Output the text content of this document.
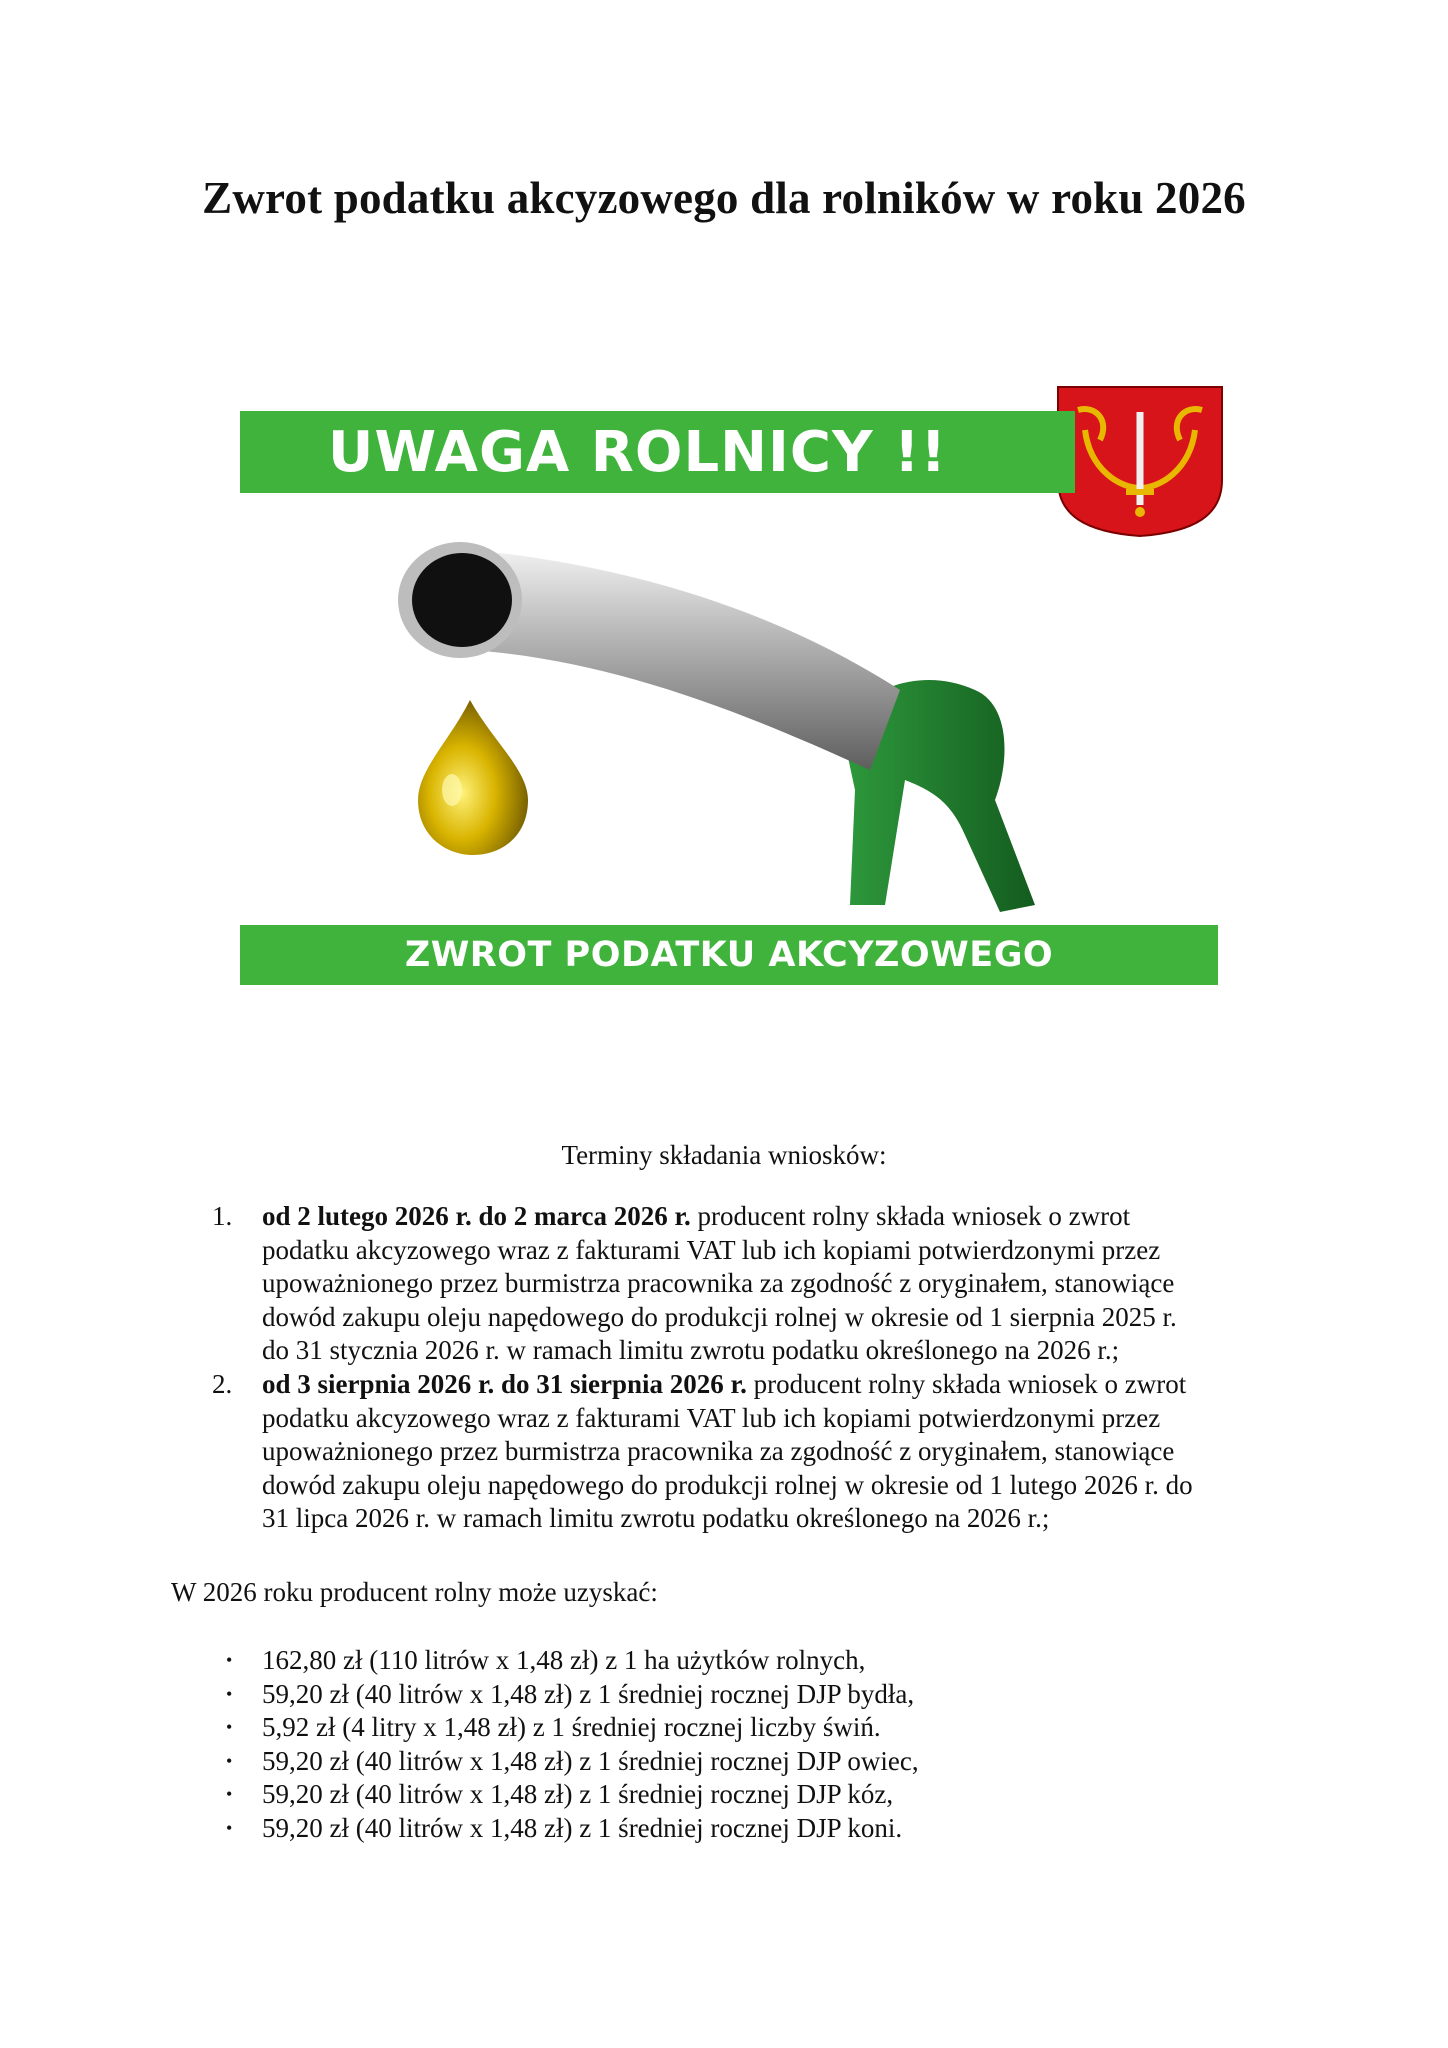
Zwrot podatku akcyzowego dla rolników w roku 2026
UWAGA ROLNICY !!
ZWROT PODATKU AKCYZOWEGO

Terminy składania wniosków:

1. od 2 lutego 2026 r. do 2 marca 2026 r. producent rolny składa wniosek o zwrot
podatku akcyzowego wraz z fakturami VAT lub ich kopiami potwierdzonymi przez
upoważnionego przez burmistrza pracownika za zgodność z oryginałem, stanowiące
dowód zakupu oleju napędowego do produkcji rolnej w okresie od 1 sierpnia 2025 r.
do 31 stycznia 2026 r. w ramach limitu zwrotu podatku określonego na 2026 r.;
2. od 3 sierpnia 2026 r. do 31 sierpnia 2026 r. producent rolny składa wniosek o zwrot
podatku akcyzowego wraz z fakturami VAT lub ich kopiami potwierdzonymi przez
upoważnionego przez burmistrza pracownika za zgodność z oryginałem, stanowiące
dowód zakupu oleju napędowego do produkcji rolnej w okresie od 1 lutego 2026 r. do
31 lipca 2026 r. w ramach limitu zwrotu podatku określonego na 2026 r.;

W 2026 roku producent rolny może uzyskać:

• 162,80 zł (110 litrów x 1,48 zł) z 1 ha użytków rolnych,
• 59,20 zł (40 litrów x 1,48 zł) z 1 średniej rocznej DJP bydła,
• 5,92 zł (4 litry x 1,48 zł) z 1 średniej rocznej liczby świń.
• 59,20 zł (40 litrów x 1,48 zł) z 1 średniej rocznej DJP owiec,
• 59,20 zł (40 litrów x 1,48 zł) z 1 średniej rocznej DJP kóz,
• 59,20 zł (40 litrów x 1,48 zł) z 1 średniej rocznej DJP koni.
